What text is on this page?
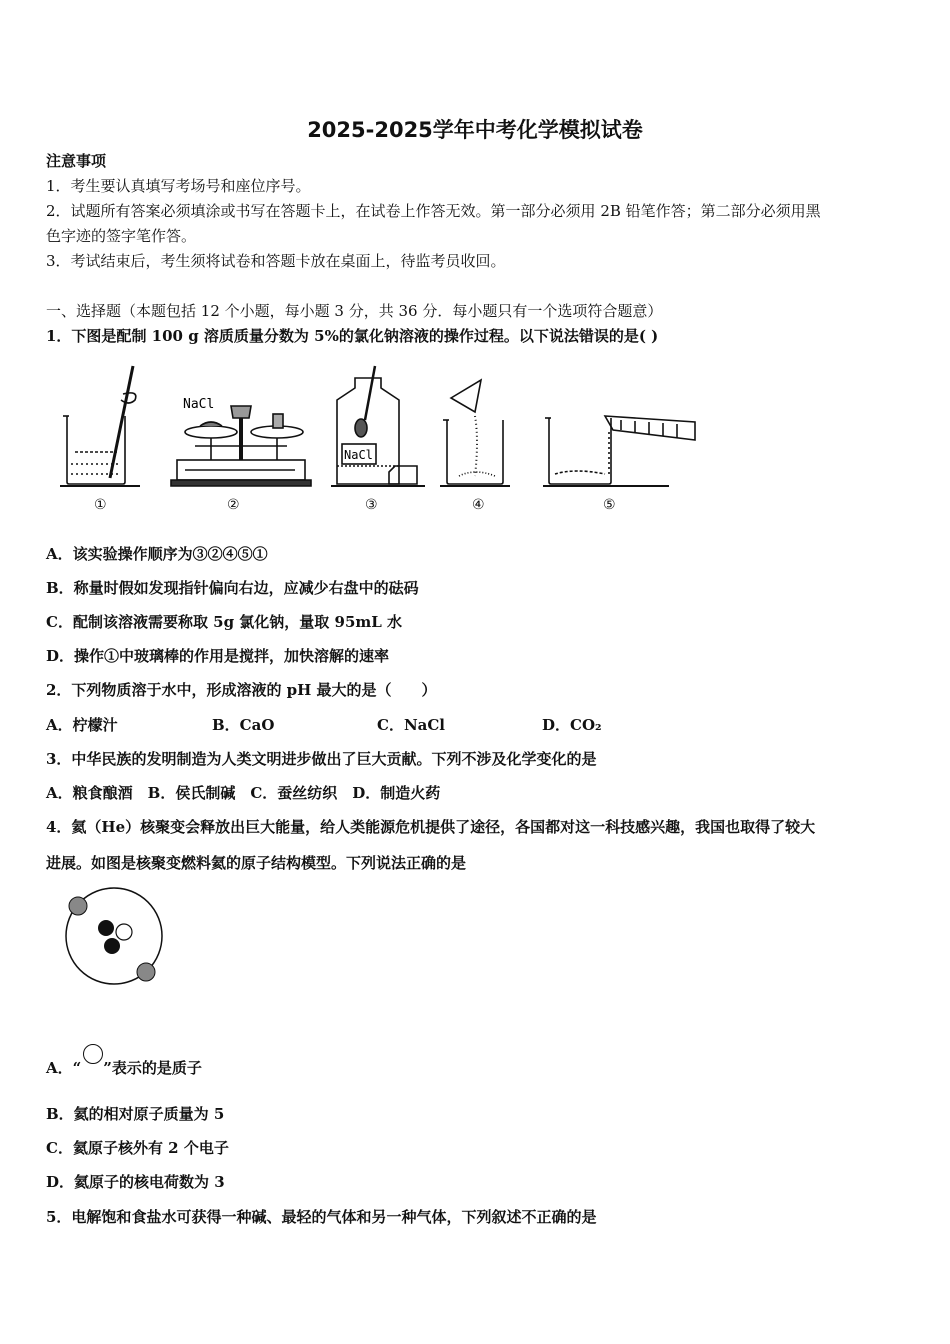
2025-2025学年中考化学模拟试卷
注意事项
1．考生要认真填写考场号和座位序号。
2．试题所有答案必须填涂或书写在答题卡上，在试卷上作答无效。第一部分必须用 2B 铅笔作答；第二部分必须用黑
色字迹的签字笔作答。
3．考试结束后，考生须将试卷和答题卡放在桌面上，待监考员收回。
一、选择题（本题包括 12 个小题，每小题 3 分，共 36 分．每小题只有一个选项符合题意）
1．下图是配制 100 g 溶质质量分数为 5%的氯化钠溶液的操作过程。以下说法错误的是( )
NaCl
NaCl
①	②	③	④	⑤
A．该实验操作顺序为③②④⑤①
B．称量时假如发现指针偏向右边，应减少右盘中的砝码
C．配制该溶液需要称取 5g 氯化钠，量取 95mL 水
D．操作①中玻璃棒的作用是搅拌，加快溶解的速率
2．下列物质溶于水中，形成溶液的 pH 最大的是（　　）
A．柠檬汁	B．CaO	C．NaCl	D．CO₂
3．中华民族的发明制造为人类文明进步做出了巨大贡献。下列不涉及化学变化的是
A．粮食酿酒　B．侯氏制碱　C．蚕丝纺织　D．制造火药
4．氦（He）核聚变会释放出巨大能量，给人类能源危机提供了途径，各国都对这一科技感兴趣，我国也取得了较大
进展。如图是核聚变燃料氦的原子结构模型。下列说法正确的是
A．“ ”表示的是质子
B．氦的相对原子质量为 5
C．氦原子核外有 2 个电子
D．氦原子的核电荷数为 3
5．电解饱和食盐水可获得一种碱、最轻的气体和另一种气体，下列叙述不正确的是
